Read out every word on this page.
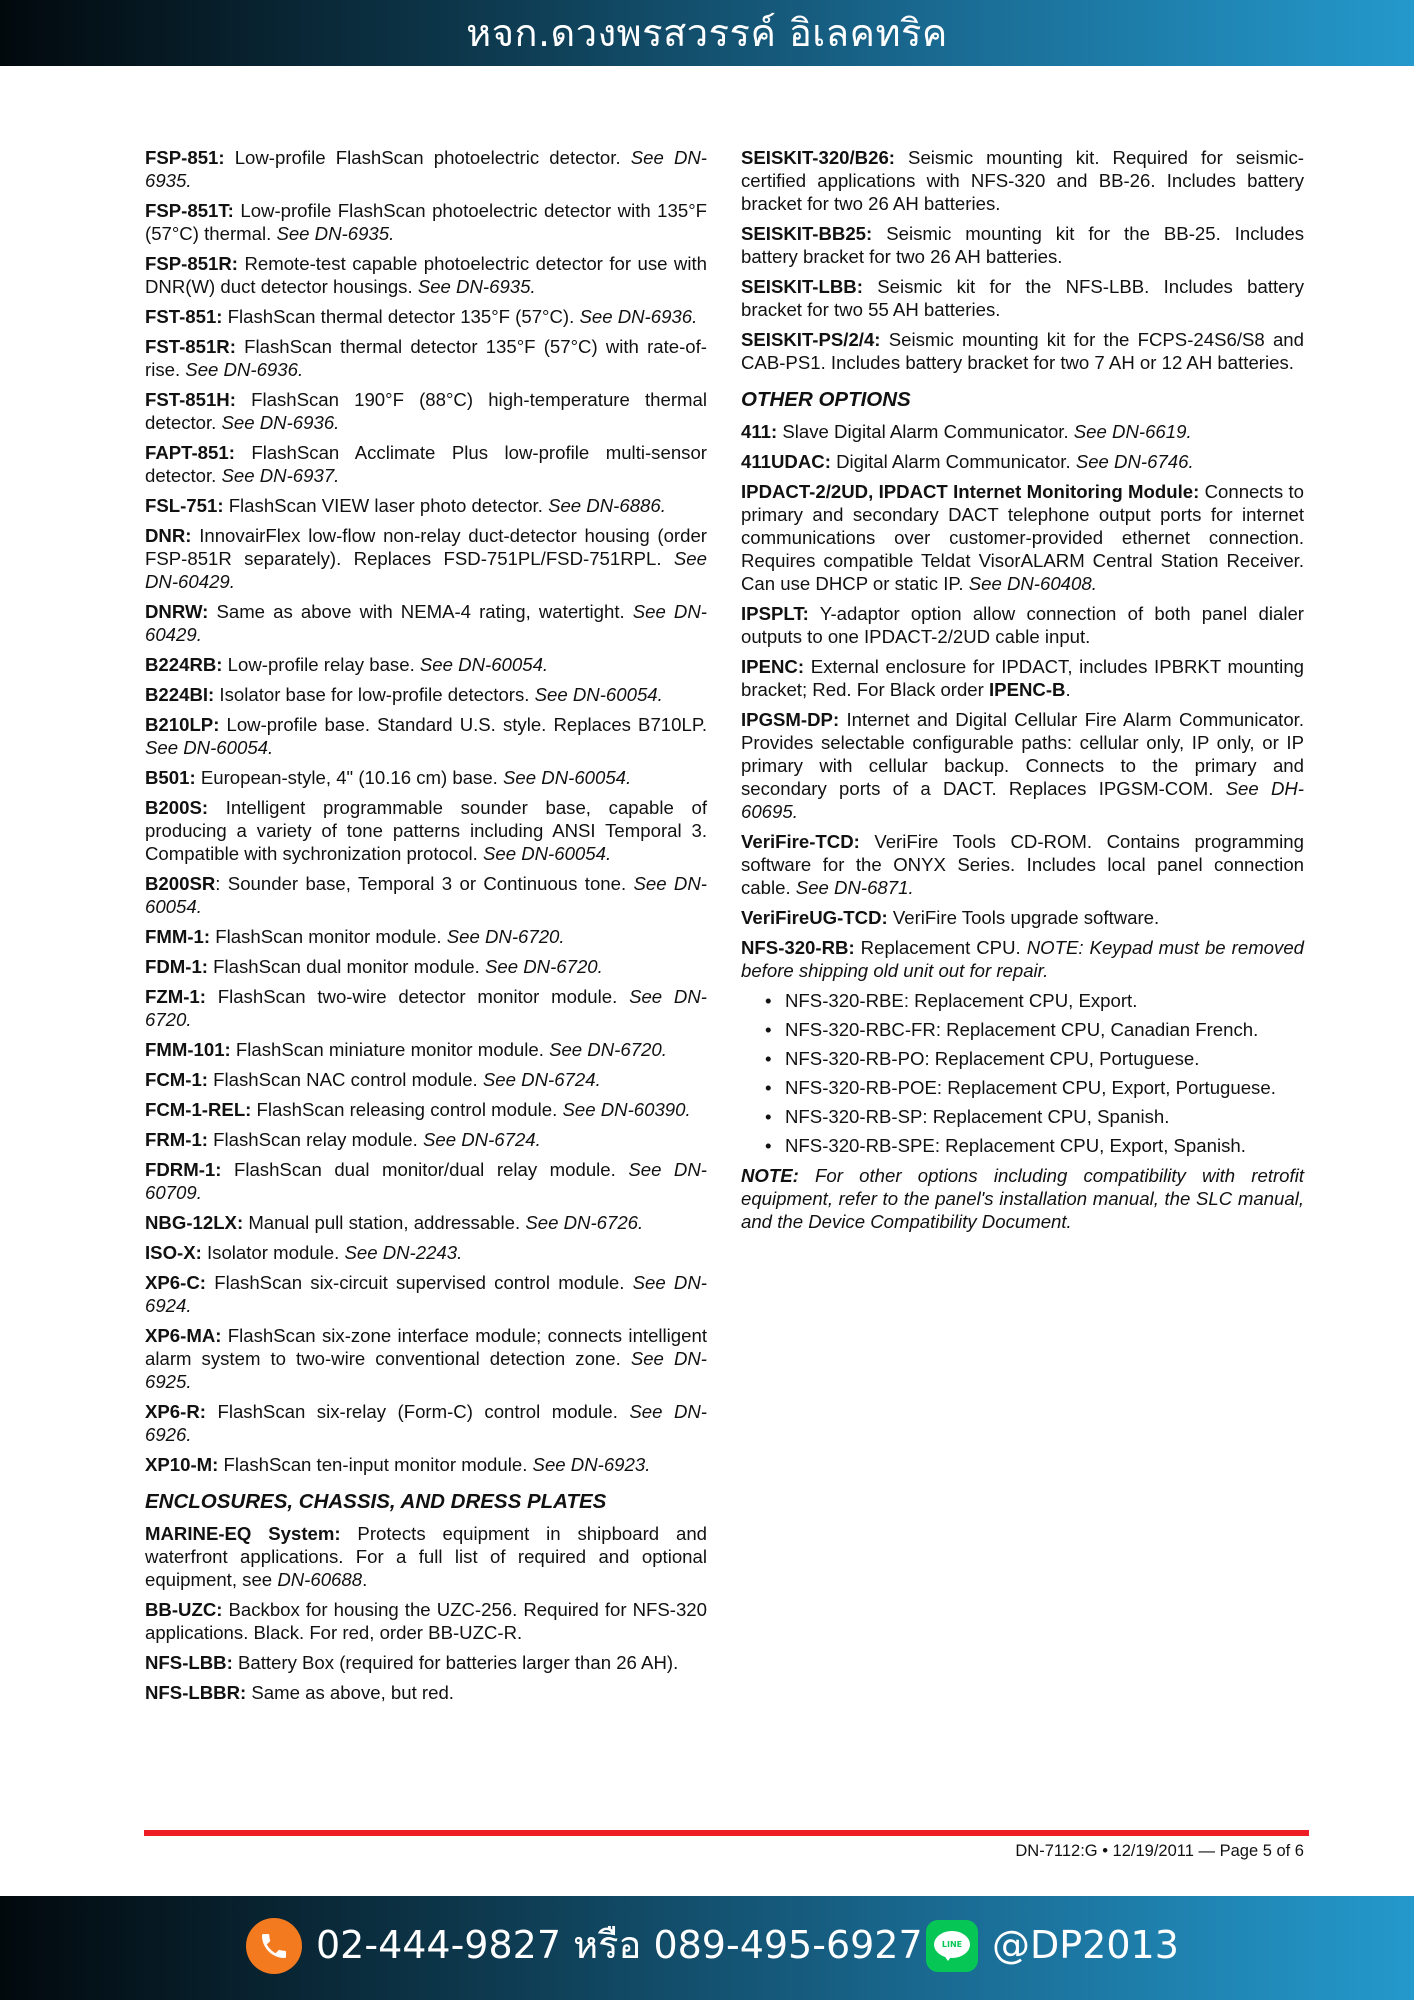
หจก.ดวงพรสวรรค์ อิเลคทริค

FSP-851: Low-profile FlashScan photoelectric detector. See DN-6935.

FSP-851T: Low-profile FlashScan photoelectric detector with 135°F (57°C) thermal. See DN-6935.

FSP-851R: Remote-test capable photoelectric detector for use with DNR(W) duct detector housings. See DN-6935.

FST-851: FlashScan thermal detector 135°F (57°C). See DN-6936.

FST-851R: FlashScan thermal detector 135°F (57°C) with rate-of-rise. See DN-6936.

FST-851H: FlashScan 190°F (88°C) high-temperature thermal detector. See DN-6936.

FAPT-851: FlashScan Acclimate Plus low-profile multi-sensor detector. See DN-6937.

FSL-751: FlashScan VIEW laser photo detector. See DN-6886.

DNR: InnovairFlex low-flow non-relay duct-detector housing (order FSP-851R separately). Replaces FSD-751PL/FSD-751RPL. See DN-60429.

DNRW: Same as above with NEMA-4 rating, watertight. See DN-60429.

B224RB: Low-profile relay base. See DN-60054.

B224BI: Isolator base for low-profile detectors. See DN-60054.

B210LP: Low-profile base. Standard U.S. style. Replaces B710LP. See DN-60054.

B501: European-style, 4" (10.16 cm) base. See DN-60054.

B200S: Intelligent programmable sounder base, capable of producing a variety of tone patterns including ANSI Temporal 3. Compatible with sychronization protocol. See DN-60054.

B200SR: Sounder base, Temporal 3 or Continuous tone. See DN-60054.

FMM-1: FlashScan monitor module. See DN-6720.

FDM-1: FlashScan dual monitor module. See DN-6720.

FZM-1: FlashScan two-wire detector monitor module. See DN-6720.

FMM-101: FlashScan miniature monitor module. See DN-6720.

FCM-1: FlashScan NAC control module. See DN-6724.

FCM-1-REL: FlashScan releasing control module. See DN-60390.

FRM-1: FlashScan relay module. See DN-6724.

FDRM-1: FlashScan dual monitor/dual relay module. See DN-60709.

NBG-12LX: Manual pull station, addressable. See DN-6726.

ISO-X: Isolator module. See DN-2243.

XP6-C: FlashScan six-circuit supervised control module. See DN-6924.

XP6-MA: FlashScan six-zone interface module; connects intelligent alarm system to two-wire conventional detection zone. See DN-6925.

XP6-R: FlashScan six-relay (Form-C) control module. See DN-6926.

XP10-M: FlashScan ten-input monitor module. See DN-6923.

ENCLOSURES, CHASSIS, AND DRESS PLATES

MARINE-EQ System: Protects equipment in shipboard and waterfront applications. For a full list of required and optional equipment, see DN-60688.

BB-UZC: Backbox for housing the UZC-256. Required for NFS-320 applications. Black. For red, order BB-UZC-R.

NFS-LBB: Battery Box (required for batteries larger than 26 AH).

NFS-LBBR: Same as above, but red.

SEISKIT-320/B26: Seismic mounting kit. Required for seismic-certified applications with NFS-320 and BB-26. Includes battery bracket for two 26 AH batteries.

SEISKIT-BB25: Seismic mounting kit for the BB-25. Includes battery bracket for two 26 AH batteries.

SEISKIT-LBB: Seismic kit for the NFS-LBB. Includes battery bracket for two 55 AH batteries.

SEISKIT-PS/2/4: Seismic mounting kit for the FCPS-24S6/S8 and CAB-PS1. Includes battery bracket for two 7 AH or 12 AH batteries.

OTHER OPTIONS

411: Slave Digital Alarm Communicator. See DN-6619.

411UDAC: Digital Alarm Communicator. See DN-6746.

IPDACT-2/2UD, IPDACT Internet Monitoring Module: Connects to primary and secondary DACT telephone output ports for internet communications over customer-provided ethernet connection. Requires compatible Teldat VisorALARM Central Station Receiver. Can use DHCP or static IP. See DN-60408.

IPSPLT: Y-adaptor option allow connection of both panel dialer outputs to one IPDACT-2/2UD cable input.

IPENC: External enclosure for IPDACT, includes IPBRKT mounting bracket; Red. For Black order IPENC-B.

IPGSM-DP: Internet and Digital Cellular Fire Alarm Communicator. Provides selectable configurable paths: cellular only, IP only, or IP primary with cellular backup. Connects to the primary and secondary ports of a DACT. Replaces IPGSM-COM. See DH-60695.

VeriFire-TCD: VeriFire Tools CD-ROM. Contains programming software for the ONYX Series. Includes local panel connection cable. See DN-6871.

VeriFireUG-TCD: VeriFire Tools upgrade software.

NFS-320-RB: Replacement CPU. NOTE: Keypad must be removed before shipping old unit out for repair.

• NFS-320-RBE: Replacement CPU, Export.
• NFS-320-RBC-FR: Replacement CPU, Canadian French.
• NFS-320-RB-PO: Replacement CPU, Portuguese.
• NFS-320-RB-POE: Replacement CPU, Export, Portuguese.
• NFS-320-RB-SP: Replacement CPU, Spanish.
• NFS-320-RB-SPE: Replacement CPU, Export, Spanish.

NOTE: For other options including compatibility with retrofit equipment, refer to the panel's installation manual, the SLC manual, and the Device Compatibility Document.

DN-7112:G • 12/19/2011 — Page 5 of 6
02-444-9827 หรือ 089-495-6927	LINE @DP2013
